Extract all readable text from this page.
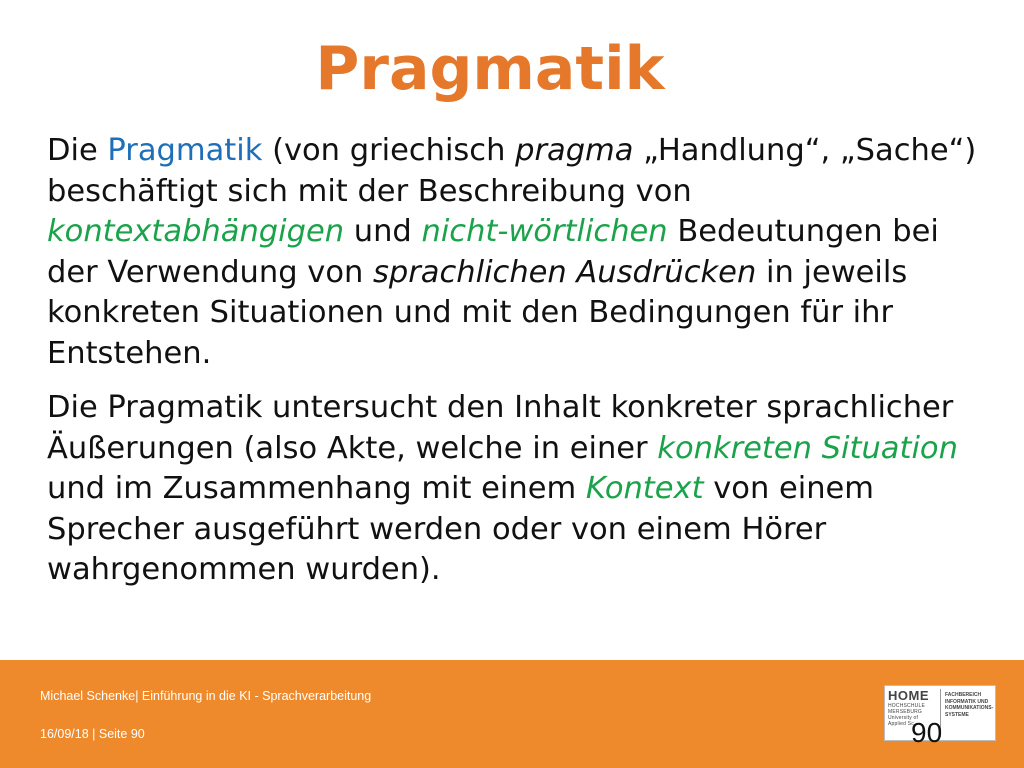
Pragmatik

Die Pragmatik (von griechisch pragma „Handlung“, „Sache“) beschäftigt sich mit der Beschreibung von kontextabhängigen und nicht-wörtlichen Bedeutungen bei der Verwendung von sprachlichen Ausdrücken in jeweils konkreten Situationen und mit den Bedingungen für ihr Entstehen.

Die Pragmatik untersucht den Inhalt konkreter sprachlicher Äußerungen (also Akte, welche in einer konkreten Situation und im Zusammenhang mit einem Kontext von einem Sprecher ausgeführt werden oder von einem Hörer wahrgenommen wurden).

Michael Schenke| Einführung in die KI - Sprachverarbeitung
16/09/18 | Seite 90
HOME
HOCHSCHULE
MERSEBURG
University of
Applied Sc...
FACHBEREICH
INFORMATIK UND
KOMMUNIKATIONS-
SYSTEME
90
